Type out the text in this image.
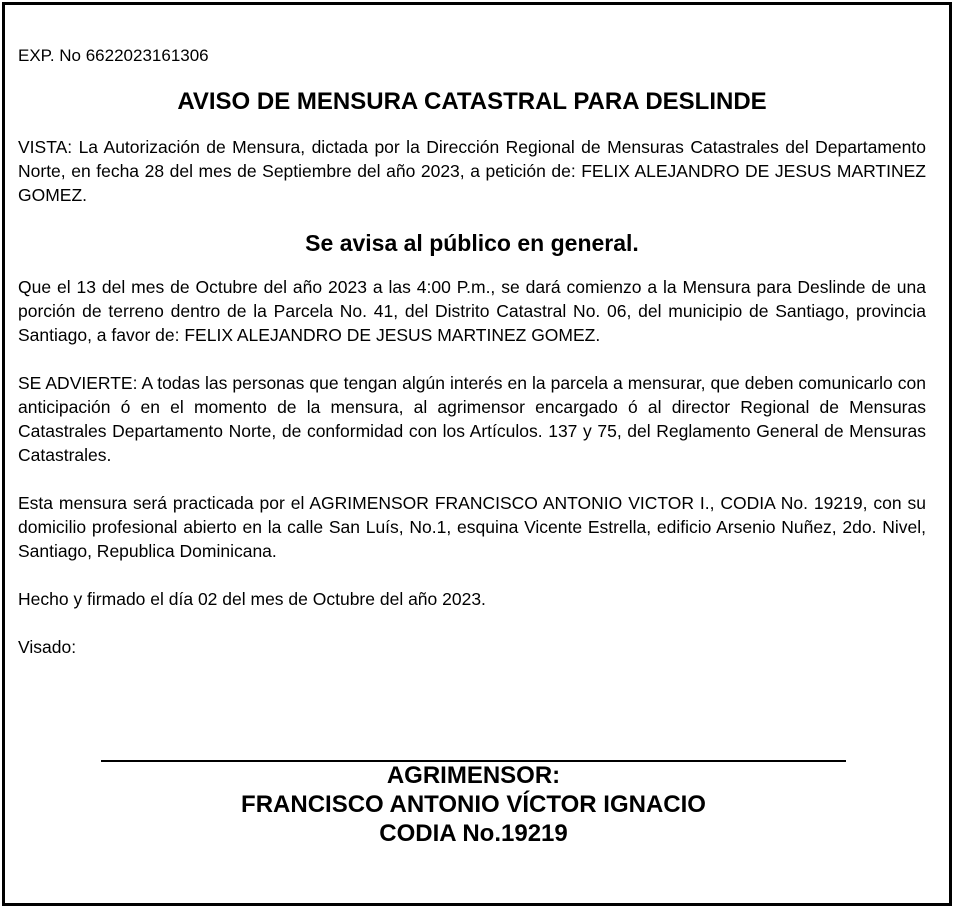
EXP. No 6622023161306

AVISO DE MENSURA CATASTRAL PARA DESLINDE

VISTA: La Autorización de Mensura, dictada por la Dirección Regional de Mensuras Catastrales del Departamento Norte, en fecha 28 del mes de Septiembre del año 2023, a petición de: FELIX ALEJANDRO DE JESUS MARTINEZ GOMEZ.

Se avisa al público en general.

Que el 13 del mes de Octubre del año 2023 a las 4:00 P.m., se dará comienzo a la Mensura para Deslinde de una porción de terreno dentro de la Parcela No. 41, del Distrito Catastral No. 06, del municipio de Santiago, provincia Santiago, a favor de: FELIX ALEJANDRO DE JESUS MARTINEZ GOMEZ.

SE ADVIERTE: A todas las personas que tengan algún interés en la parcela a mensurar, que deben comunicarlo con anticipación ó en el momento de la mensura, al agrimensor encargado ó al director Regional de Mensuras Catastrales Departamento Norte, de conformidad con los Artículos. 137 y 75, del Reglamento General de Mensuras Catastrales.

Esta mensura será practicada por el AGRIMENSOR FRANCISCO ANTONIO VICTOR I., CODIA No. 19219, con su domicilio profesional abierto en la calle San Luís, No.1, esquina Vicente Estrella, edificio Arsenio Nuñez, 2do. Nivel, Santiago, Republica Dominicana.

Hecho y firmado el día 02 del mes de Octubre del año 2023.

Visado:

AGRIMENSOR:
FRANCISCO ANTONIO VÍCTOR IGNACIO
CODIA No.19219
